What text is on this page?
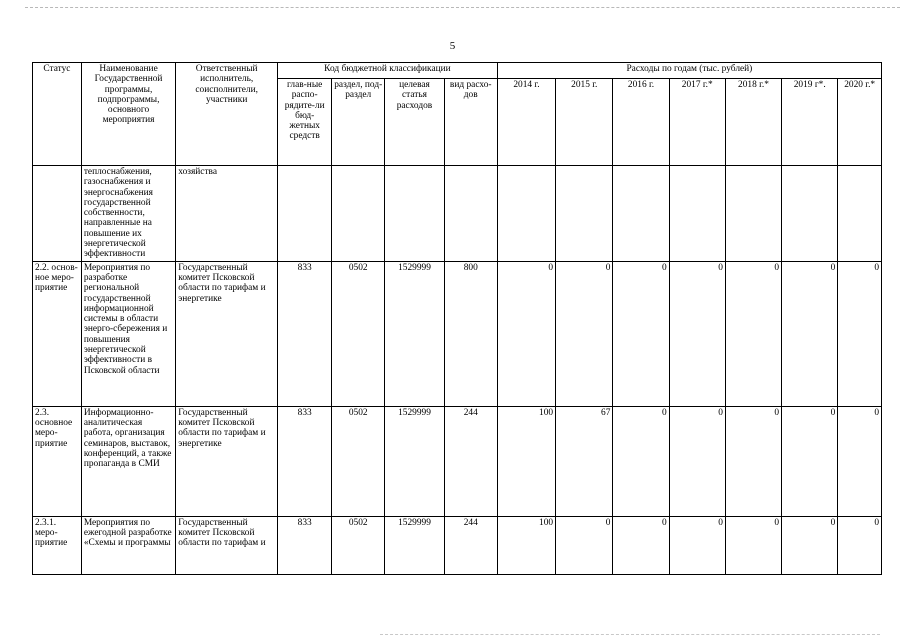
5
Статус	Наименование Государственной программы, подпрограммы, основного мероприятия	Ответственный исполнитель, соисполнители, участники	Код бюджетной классификации				Расходы по годам (тыс. рублей)						
			глав-ные распо-рядите-ли бюд-жетных средств	раздел, под-раздел	целевая статья расходов	вид расхо-дов	2014 г.	2015 г.	2016 г.	2017 г.*	2018 г.*	2019 г*.	2020 г.*
	теплоснабжения, газоснабжения и энергоснабжения государственной собственности, направленные на повышение их энергетической эффективности	хозяйства											
2.2. основ-ное меро-приятие	Мероприятия по разработке региональной государственной информационной системы в области энерго-сбережения и повышения энергетической эффективности в Псковской области	Государственный комитет Псковской области по тарифам и энергетике	833	0502	1529999	800	0	0	0	0	0	0	0
2.3. основное меро-приятие	Информационно-аналитическая работа, организация семинаров, выставок, конференций, а также пропаганда в СМИ	Государственный комитет Псковской области по тарифам и энергетике	833	0502	1529999	244	100	67	0	0	0	0	0
2.3.1. меро-приятие	Мероприятия по ежегодной разработке «Схемы и программы	Государственный комитет Псковской области по тарифам и	833	0502	1529999	244	100	0	0	0	0	0	0
